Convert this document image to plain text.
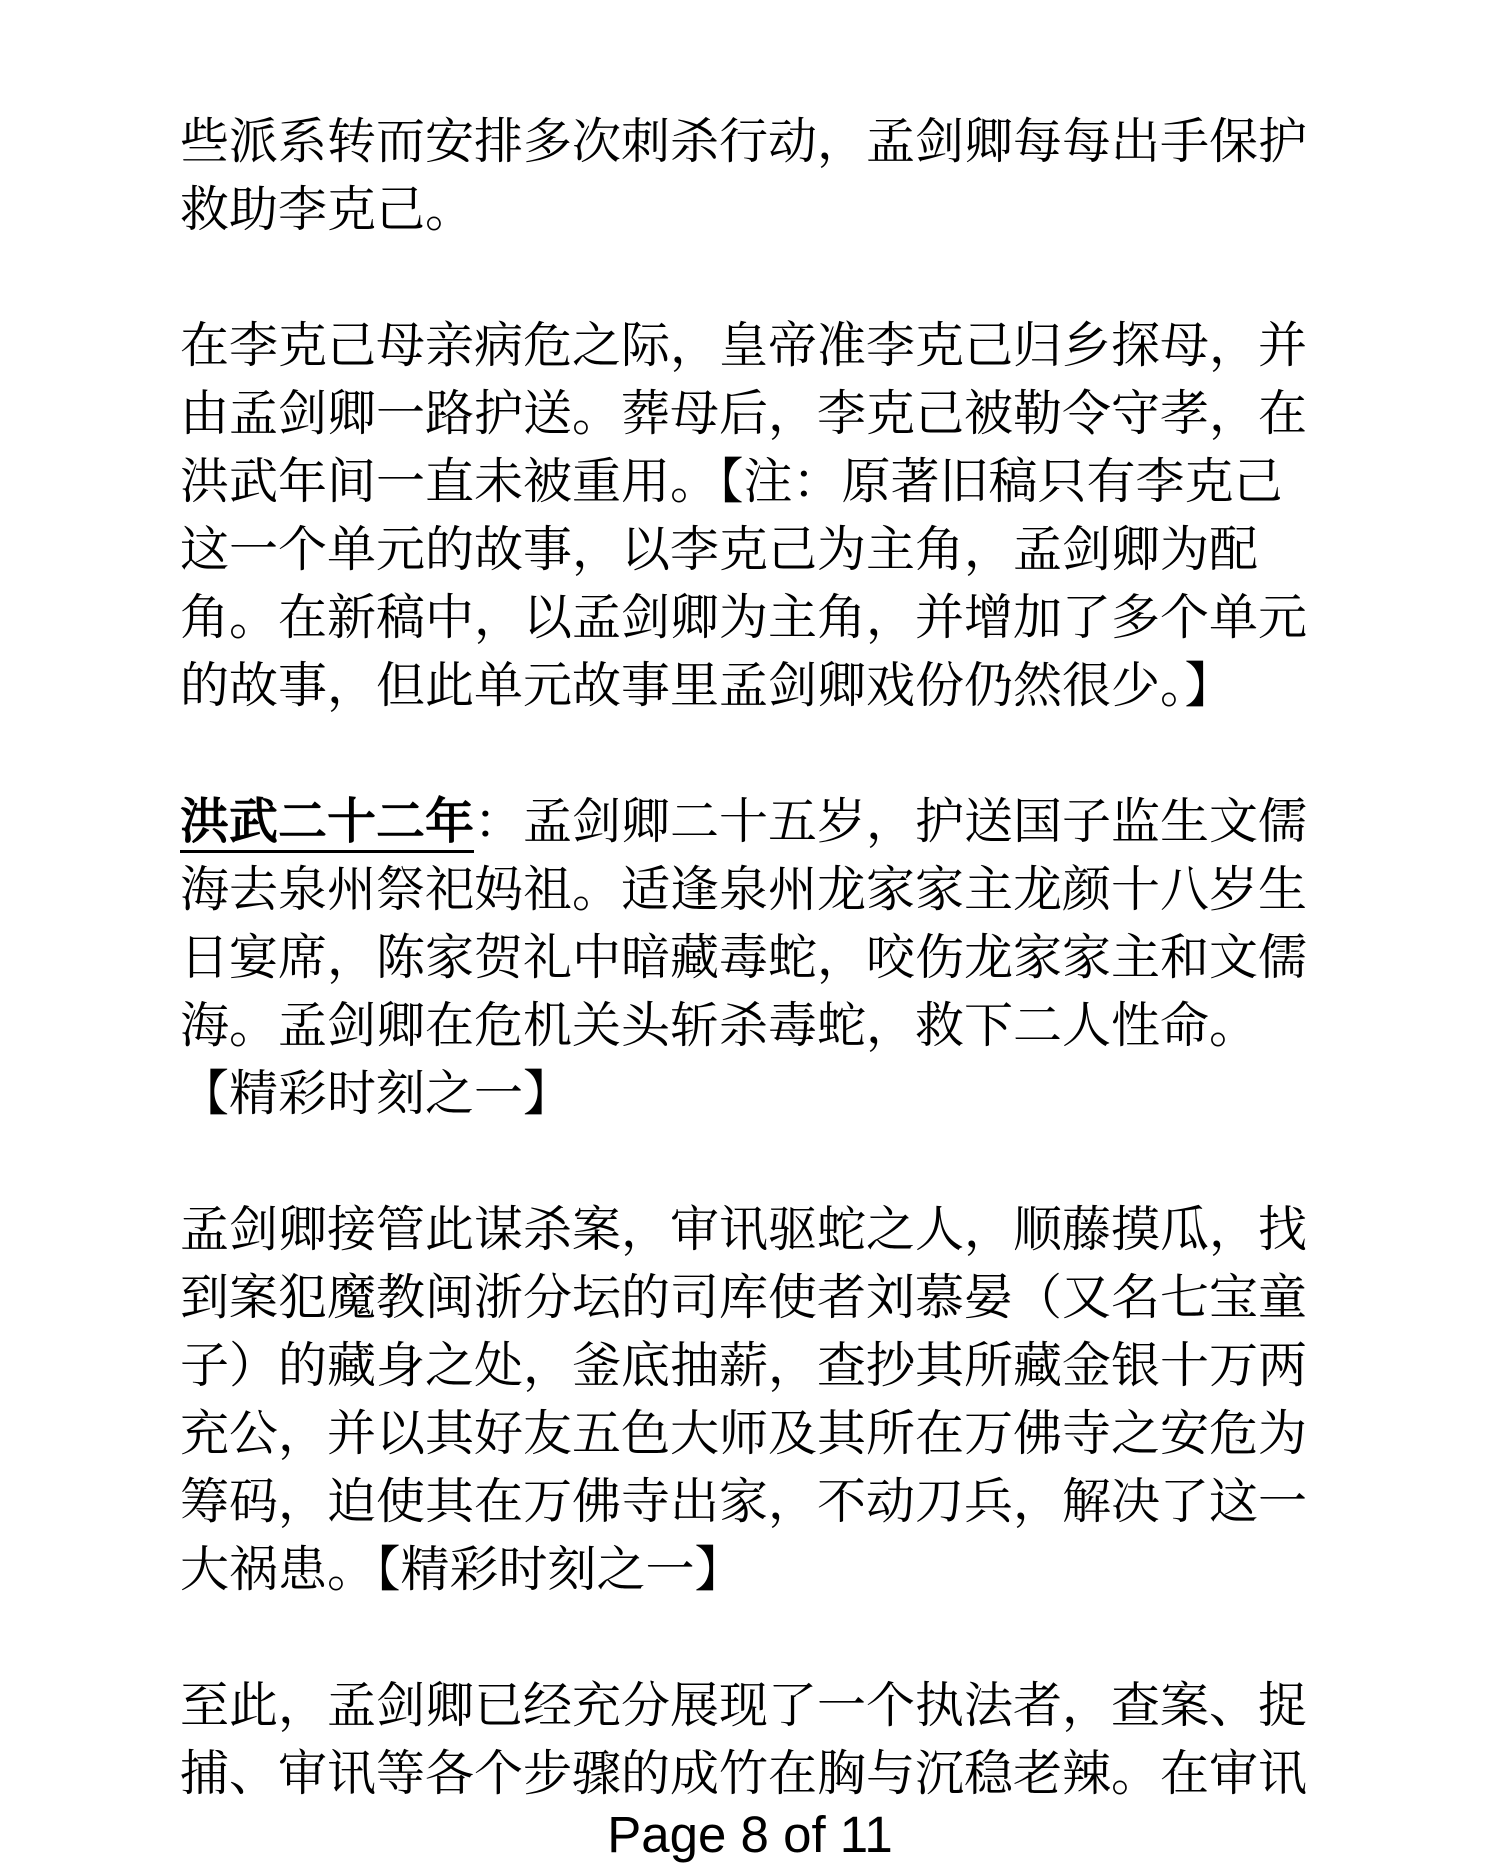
些派系转而安排多次刺杀行动，孟剑卿每每出手保护
救助李克己。

在李克己母亲病危之际，皇帝准李克己归乡探母，并
由孟剑卿一路护送。葬母后，李克己被勒令守孝，在
洪武年间一直未被重用。【注：原著旧稿只有李克己
这一个单元的故事，以李克己为主角，孟剑卿为配
角。在新稿中，以孟剑卿为主角，并增加了多个单元
的故事，但此单元故事里孟剑卿戏份仍然很少。】

洪武二十二年：孟剑卿二十五岁，护送国子监生文儒
海去泉州祭祀妈祖。适逢泉州龙家家主龙颜十八岁生
日宴席，陈家贺礼中暗藏毒蛇，咬伤龙家家主和文儒
海。孟剑卿在危机关头斩杀毒蛇，救下二人性命。
【精彩时刻之一】

孟剑卿接管此谋杀案，审讯驱蛇之人，顺藤摸瓜，找
到案犯魔教闽浙分坛的司库使者刘慕晏（又名七宝童
子）的藏身之处，釜底抽薪，查抄其所藏金银十万两
充公，并以其好友五色大师及其所在万佛寺之安危为
筹码，迫使其在万佛寺出家，不动刀兵，解决了这一
大祸患。【精彩时刻之一】

至此，孟剑卿已经充分展现了一个执法者，查案、捉
捕、审讯等各个步骤的成竹在胸与沉稳老辣。在审讯

Page 8 of 11
